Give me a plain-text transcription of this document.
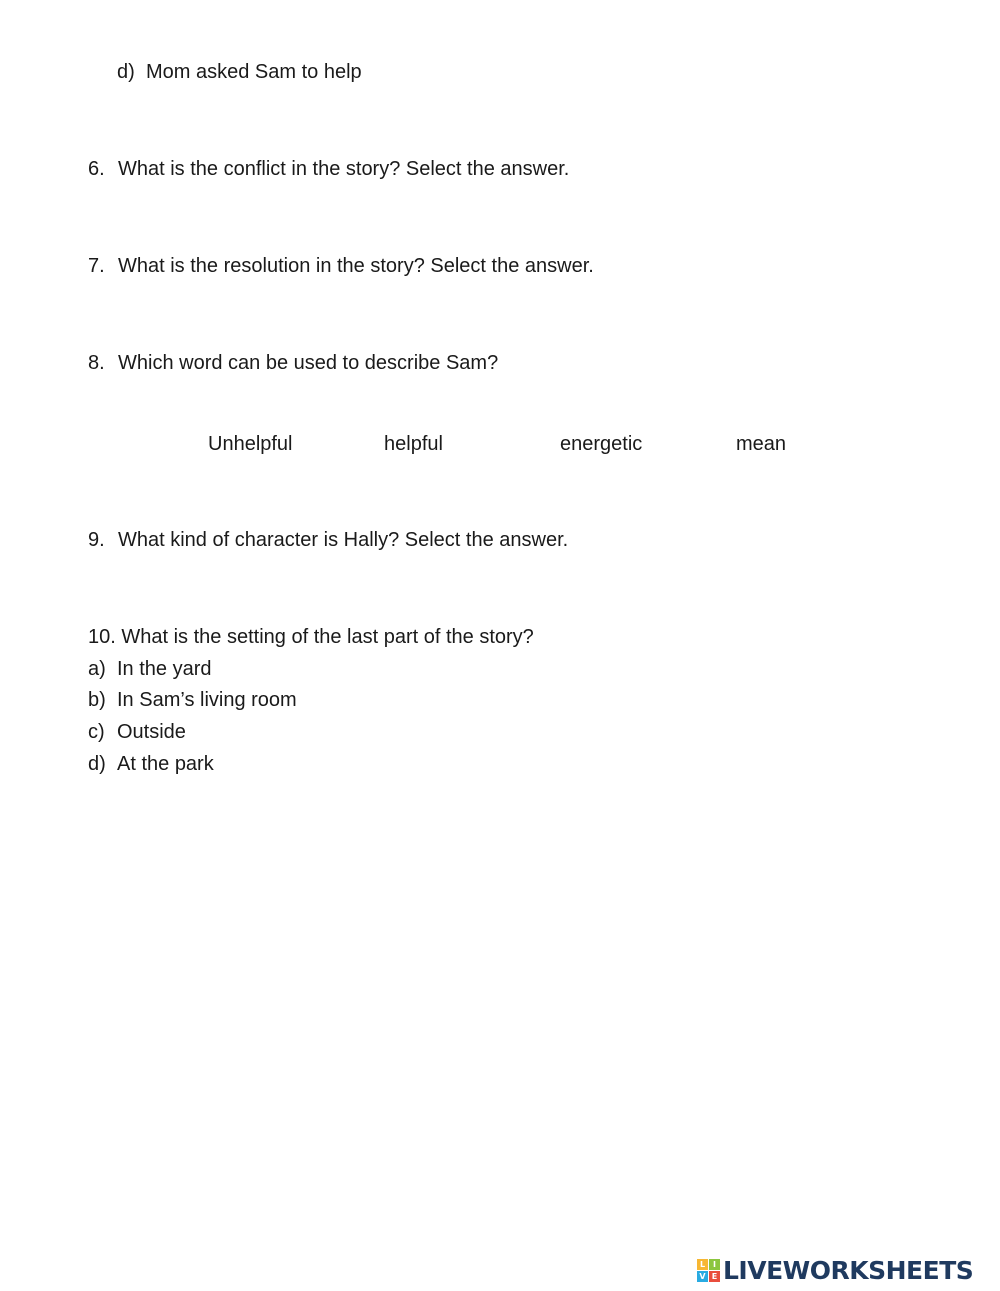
d) Mom asked Sam to help
6. What is the conflict in the story? Select the answer.
7. What is the resolution in the story? Select the answer.
8. Which word can be used to describe Sam?
Unhelpful	helpful	energetic	mean
9. What kind of character is Hally? Select the answer.
10. What is the setting of the last part of the story?
a) In the yard
b) In Sam’s living room
c) Outside
d) At the park
L I
V E LIVEWORKSHEETS
